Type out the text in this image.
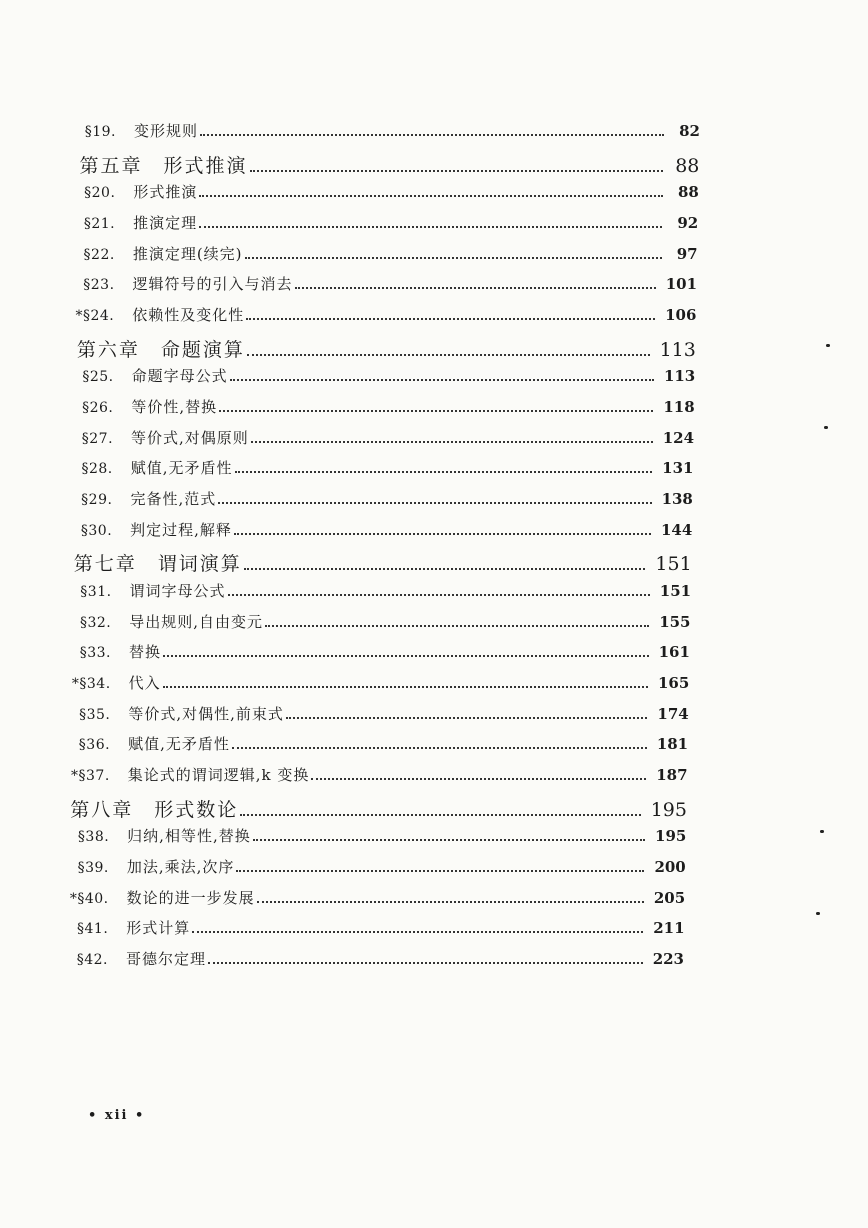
§19. 变形规则	82
第五章　形式推演	88
§20. 形式推演	88
§21. 推演定理	92
§22. 推演定理(续完)	97
§23. 逻辑符号的引入与消去	101
*§24. 依赖性及变化性	106
第六章　命题演算	113
§25. 命题字母公式	113
§26. 等价性,替换	118
§27. 等价式,对偶原则	124
§28. 赋值,无矛盾性	131
§29. 完备性,范式	138
§30. 判定过程,解释	144
第七章　谓词演算	151
§31. 谓词字母公式	151
§32. 导出规则,自由变元	155
§33. 替换	161
*§34. 代入	165
§35. 等价式,对偶性,前束式	174
§36. 赋值,无矛盾性	181
*§37. 集论式的谓词逻辑,k 变换	187
第八章　形式数论	195
§38. 归纳,相等性,替换	195
§39. 加法,乘法,次序	200
*§40. 数论的进一步发展	205
§41. 形式计算	211
§42. 哥德尔定理	223
• xii •
